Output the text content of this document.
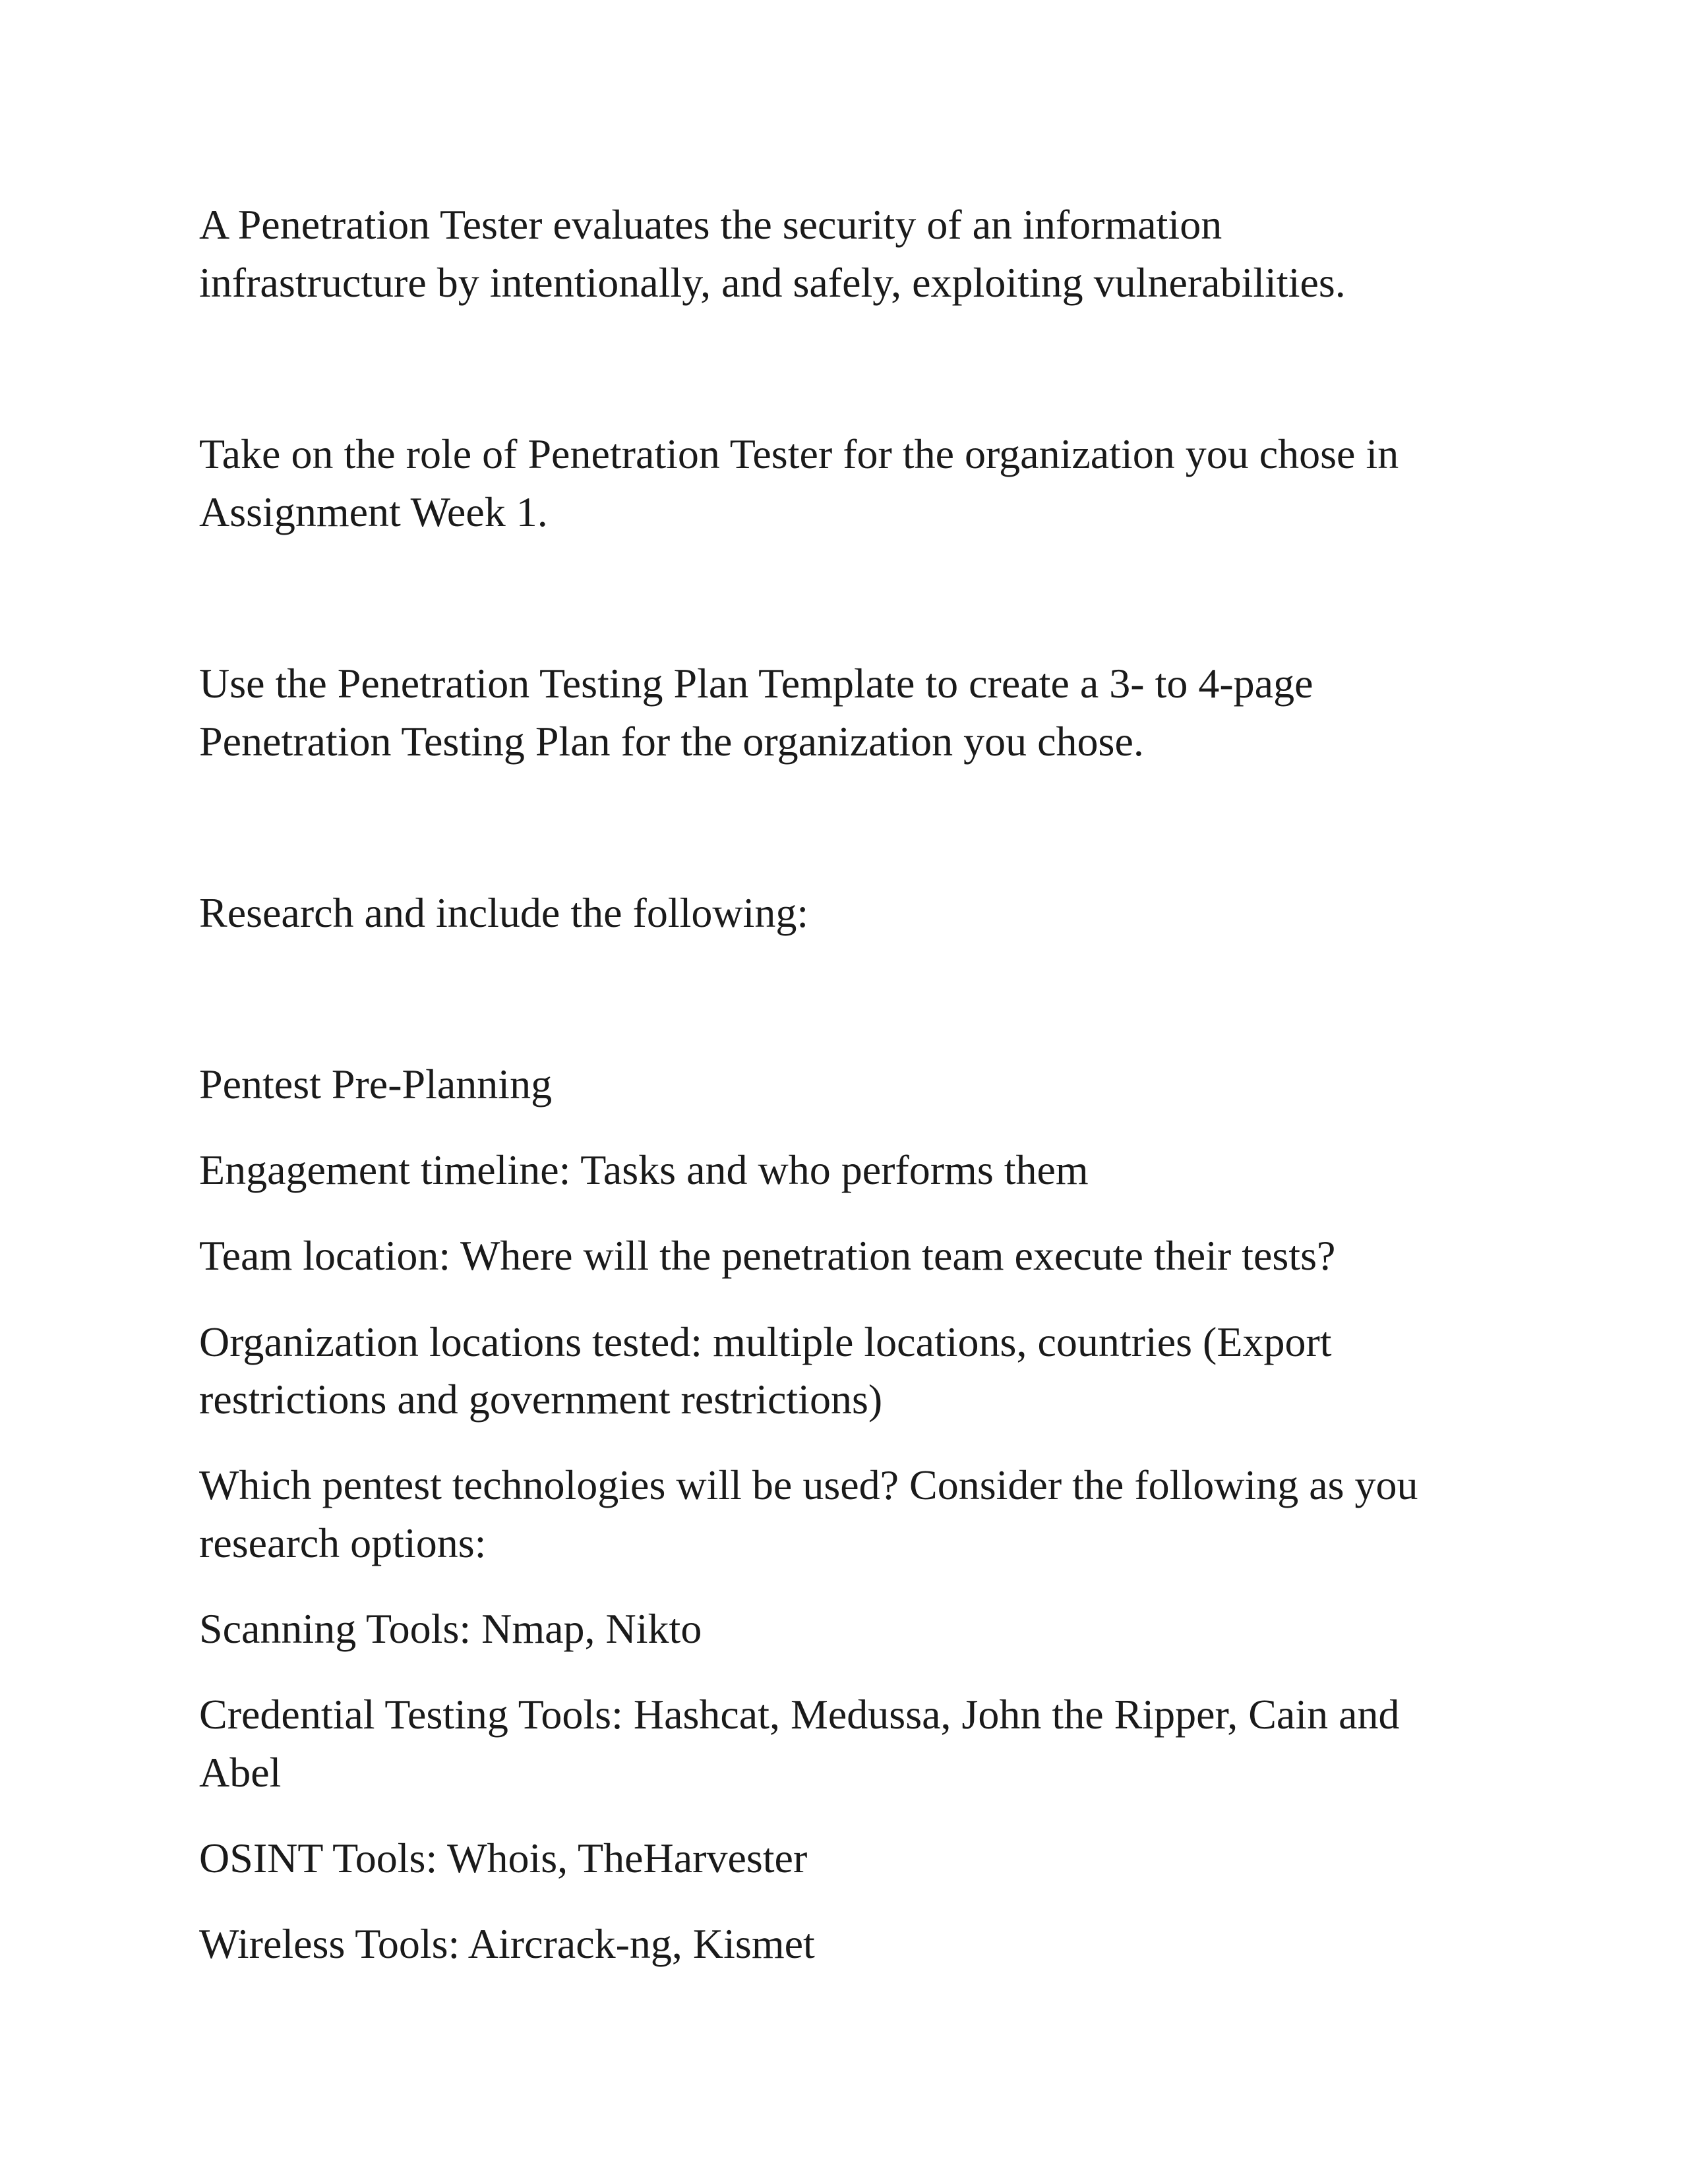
A Penetration Tester evaluates the security of an information

infrastructure by intentionally, and safely, exploiting vulnerabilities.

Take on the role of Penetration Tester for the organization you chose in

Assignment Week 1.

Use the Penetration Testing Plan Template to create a 3- to 4-page

Penetration Testing Plan for the organization you chose.

Research and include the following:

Pentest Pre-Planning

Engagement timeline: Tasks and who performs them

Team location: Where will the penetration team execute their tests?

Organization locations tested: multiple locations, countries (Export

restrictions and government restrictions)

Which pentest technologies will be used? Consider the following as you

research options:

Scanning Tools: Nmap, Nikto

Credential Testing Tools: Hashcat, Medussa, John the Ripper, Cain and

Abel

OSINT Tools: Whois, TheHarvester

Wireless Tools: Aircrack-ng, Kismet
